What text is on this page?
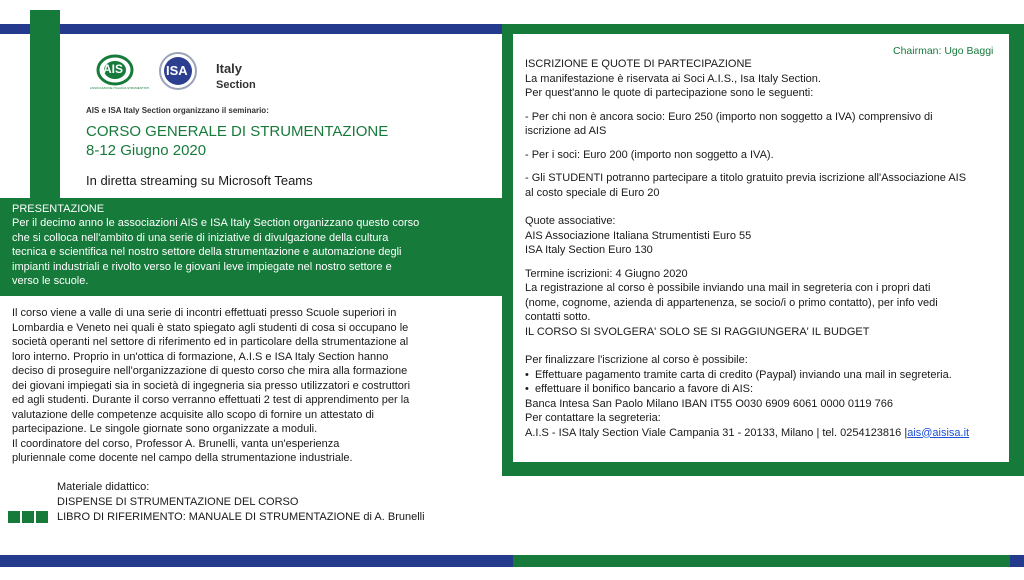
Chairman: Ugo Baggi

AIS
ASSOCIAZIONE ITALIANA STRUMENTISTI
ISA Italy

Section

AIS e ISA Italy Section organizzano il seminario:

CORSO GENERALE DI STRUMENTAZIONE

8-12 Giugno 2020

In diretta streaming su Microsoft Teams

PRESENTAZIONE

Per il decimo anno le associazioni AIS e ISA Italy Section organizzano questo corso

che si colloca nell'ambito di una serie di iniziative di divulgazione della cultura

tecnica e scientifica nel nostro settore della strumentazione e automazione degli

impianti industriali e rivolto verso le giovani leve impiegate nel nostro settore e

verso le scuole.

Il corso viene a valle di una serie di incontri effettuati presso Scuole superiori in

Lombardia e Veneto nei quali è stato spiegato agli studenti di cosa si occupano le

società operanti nel settore di riferimento ed in particolare della strumentazione al

loro interno. Proprio in un'ottica di formazione, A.I.S e ISA Italy Section hanno

deciso di proseguire nell'organizzazione di questo corso che mira alla formazione

dei giovani impiegati sia in società di ingegneria sia presso utilizzatori e costruttori

ed agli studenti. Durante il corso verranno effettuati 2 test di apprendimento per la

valutazione delle competenze acquisite allo scopo di fornire un attestato di

partecipazione. Le singole giornate sono organizzate a moduli.

Il coordinatore del corso, Professor A. Brunelli, vanta un'esperienza

pluriennale come docente nel campo della strumentazione industriale.

Materiale didattico:

DISPENSE DI STRUMENTAZIONE DEL CORSO

LIBRO DI RIFERIMENTO: MANUALE DI STRUMENTAZIONE di A. Brunelli

ISCRIZIONE E QUOTE DI PARTECIPAZIONE

La manifestazione è riservata ai Soci A.I.S., Isa Italy Section.

Per quest'anno le quote di partecipazione sono le seguenti:

- Per chi non è ancora socio: Euro 250 (importo non soggetto a IVA) comprensivo di

iscrizione ad AIS

- Per i soci: Euro 200 (importo non soggetto a IVA).

- Gli STUDENTI potranno partecipare a titolo gratuito previa iscrizione all'Associazione AIS

al costo speciale di Euro 20

Quote associative:

AIS Associazione Italiana Strumentisti Euro 55

ISA Italy Section Euro 130

Termine iscrizioni: 4 Giugno 2020

La registrazione al corso è possibile inviando una mail in segreteria con i propri dati

(nome, cognome, azienda di appartenenza, se socio/i o primo contatto), per info vedi

contatti sotto.

IL CORSO SI SVOLGERA' SOLO SE SI RAGGIUNGERA' IL BUDGET

Per finalizzare l'iscrizione al corso è possibile:

•  Effettuare pagamento tramite carta di credito (Paypal) inviando una mail in segreteria.

•  effettuare il bonifico bancario a favore di AIS:

Banca Intesa San Paolo Milano IBAN IT55 O030 6909 6061 0000 0119 766

Per contattare la segreteria:

A.I.S - ISA Italy Section Viale Campania 31 - 20133, Milano | tel. 0254123816 |ais@aisisa.it
